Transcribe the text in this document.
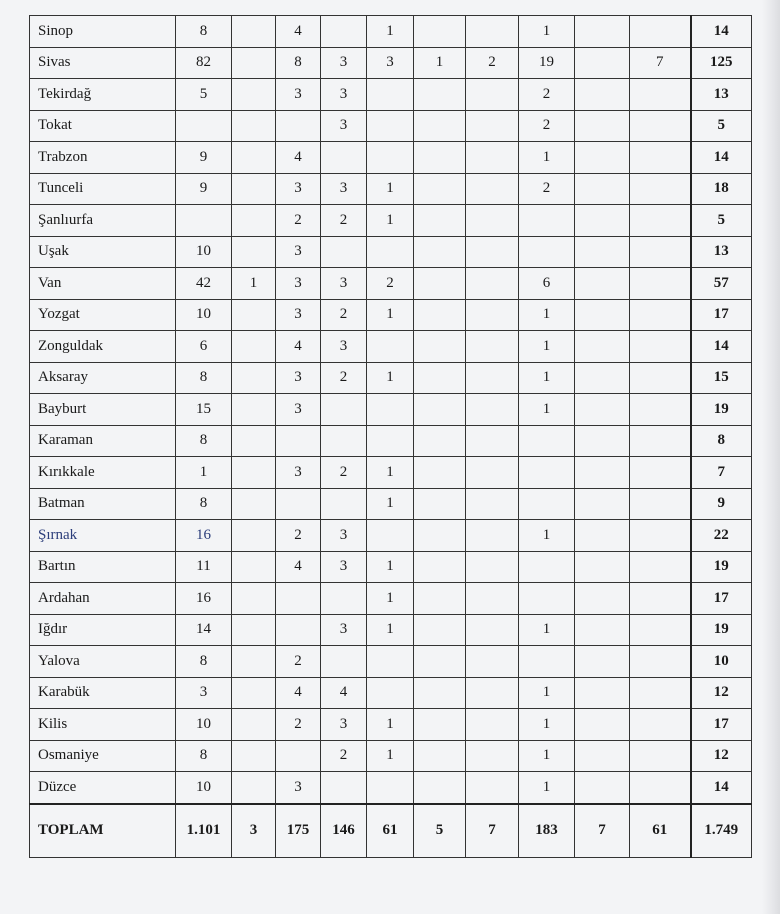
Sinop	8		4		1			1			14
Sivas	82		8	3	3	1	2	19		7	125
Tekirdağ	5		3	3				2			13
Tokat				3				2			5
Trabzon	9		4					1			14
Tunceli	9		3	3	1			2			18
Şanlıurfa			2	2	1						5
Uşak	10		3								13
Van	42	1	3	3	2			6			57
Yozgat	10		3	2	1			1			17
Zonguldak	6		4	3				1			14
Aksaray	8		3	2	1			1			15
Bayburt	15		3					1			19
Karaman	8										8
Kırıkkale	1		3	2	1						7
Batman	8				1						9
Şırnak	16		2	3				1			22
Bartın	11		4	3	1						19
Ardahan	16				1						17
Iğdır	14			3	1			1			19
Yalova	8		2								10
Karabük	3		4	4				1			12
Kilis	10		2	3	1			1			17
Osmaniye	8			2	1			1			12
Düzce	10		3					1			14
TOPLAM	1.101	3	175	146	61	5	7	183	7	61	1.749
